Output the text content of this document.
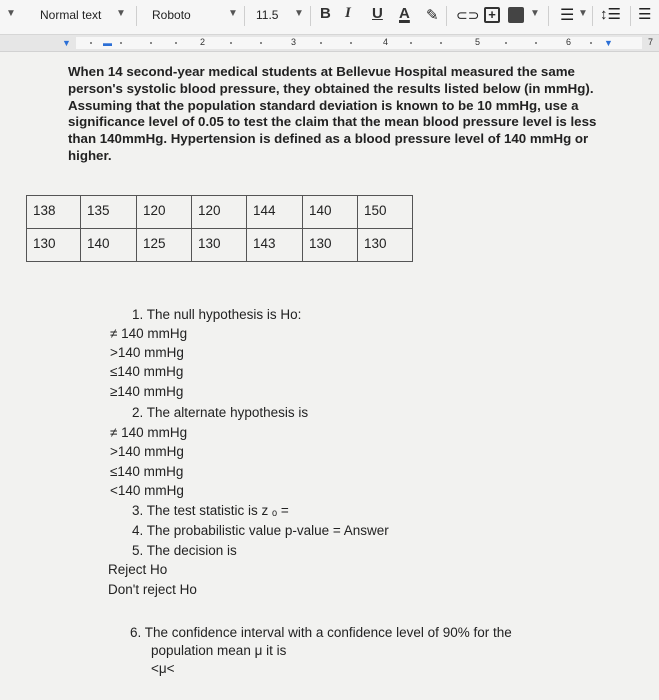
▼ Normal text ▼ Roboto	▼ 11.5 ▼ B I U A ✎ ⊂⊃ +	▼ ☰ ▼ ↕☰ ☰
▼	▬	▼
2	3	4	5	6	7
When 14 second-year medical students at Bellevue Hospital measured the same person's systolic blood pressure, they obtained the results listed below (in mmHg). Assuming that the population standard deviation is known to be 10 mmHg, use a significance level of 0.05 to test the claim that the mean blood pressure level is less than 140mmHg. Hypertension is defined as a blood pressure level of 140 mmHg or higher.
138	135	120	120	144	140	150
130	140	125	130	143	130	130
1. The null hypothesis is Ho:
≠ 140 mmHg
>140 mmHg
≤140 mmHg
≥140 mmHg
2. The alternate hypothesis is
≠ 140 mmHg
>140 mmHg
≤140 mmHg
<140 mmHg
3. The test statistic is z ₒ =
4. The probabilistic value p-value = Answer
5. The decision is
Reject Ho
Don't reject Ho
6. The confidence interval with a confidence level of 90% for the
population mean μ it is
<μ<
